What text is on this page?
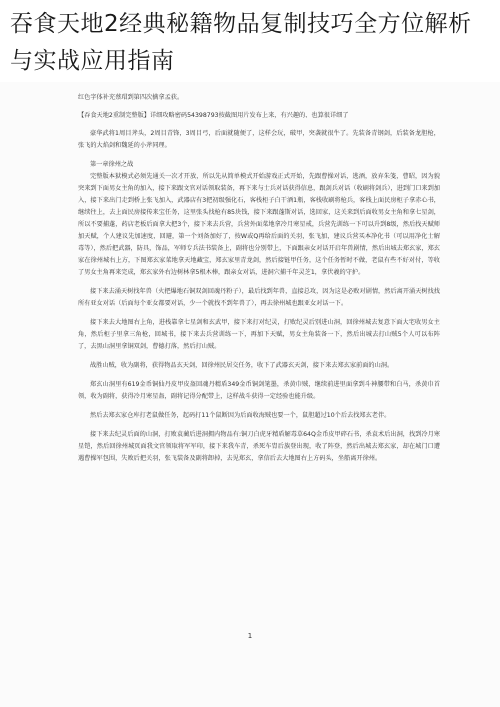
吞食天地2经典秘籍物品复制技巧全方位解析与实战应用指南

红色字体补充蔡瑁到第四次擒拿孟获。

【吞食天地2重制完整版】详细攻略密码54398793按截图用片发布上来，有兴趣的、也算很详细了

豪华武将1周目斧头，2周目青锋，3周目弓，后面就随便了，这样会玩，破甲，突袭就很牛了。先装备青钢剑，后装备龙胆枪，张飞的大焰剑和魏延的小斧同理。

第一章徐州之战

完整版本狱模式必须先通关一次才开放，所以先从简单模式开始游戏正式开始，先跟曹操对话，逃酒，放弃朱笺，曹昭，因为貌突来到下面男女主角的加入，接下来跟文官对话领取装备，再下来与士兵对话获得信息，跟剑兵对话（收刷将剑兵），进到门口来到加入，接下来出门走到桥上张飞加入，武器店有3把初级强化石，客栈柜子白干酒1瓶，客栈收刷将枪兵，客栈上面民房柜子拿赤心书，继续往上，去上面民房接传来宝任务，这里张头找枪有85块钱，接下来跟蓬斯对话，选回家，这关来到后面收男女主角和拿七星剑，所以不要捕蓬，药店老板后面拿大把3个，接下来去兵营，兵营外面菜地拿冷月寒星戒，兵营先训练一下可以升到8级，然后找天赋师加天赋，个人建议先加速度，回避，第一个刘备加好了，按W或Q再给后面的关羽，张飞加，建议兵营买本净化书（可以用净化士解毒等），然后把武器，防具，饰品，军师专兵法书装备上，副将也分别带上，下面跟亲女对话开启年兽剧情，然后出城去郑玄家，郑玄家在徐州城右上方，下图郑玄家菜地拿天地藏宝，郑玄家里青龙剑，然后接链甲任务，这个任务暂时不做，老鼠有些不好对付，等收了男女主角再来完成，郑玄家外右边树林拿5根木棒，跟亲女对话，进洞穴捕千年灵芝1，拿伏羲的守护。

接下来去涌天树找年兽（火把爆地石铜双剑回魂丹粉子），最后找到年兽，直接总攻，因为这是必败对剧情，然后离开涌天树找找所有亚女对话（后面每个亚女都要对话，少一个就找不到年兽了），再去徐州城也跟亚女对话一下。

接下来去大地图右上角，进栈靠拿七星剑和玄武甲，接下来打对纪灵，打败纪灵后别进山洞，回徐州城去复意下面大宅收男女主角，然后柜子里拿三角枪，回城书，接下来去兵营训练一下，再加下天赋，男女主角装备一下，然后出城去打山贼5个人可以布阵了，去黑山洞里拿铜双剑，曹德打落，然后打山贼。

战胜山贼，收为副将，获得物品玄天剑，回徐州民居交任务，收下了武器玄天剑，接下来去郑玄家前面的山洞。

郑玄山洞里有619金币铜仙丹皮甲皮盔回魂丹精盾349金币铜剑笔墨，杀黄巾贼，继续前进里面拿到斗神腰带和白马，杀黄巾首领，收为副将，获得冷月寒星盔，副将记得分配带上，这样战斗获得一定经验也能升级。

然后去郑玄家仓库打老鼠做任务，起码打11个鼠断因为后面收海贼也要一个，鼠胆超过10个后去找郑玄老伴。

接下来去纪灵后面的山洞，打败袁蔺后进洞拥内物品有:铜刀白虎牙精盾解毒草64Q金币皮甲碎石书，杀袁术后出洞，找到冷月寒星铠，然后回徐州城页面我文官领取将军军印，接下来我车青，杀死车胄后族登出现，收了阵登，然后出城去郑玄家，却在城门口遭遇曹操军包围，失败后把关羽，张飞装备及副将卸掉，去见郑玄，拿信后去大地图右上方码头，坐船离开徐州。

1
